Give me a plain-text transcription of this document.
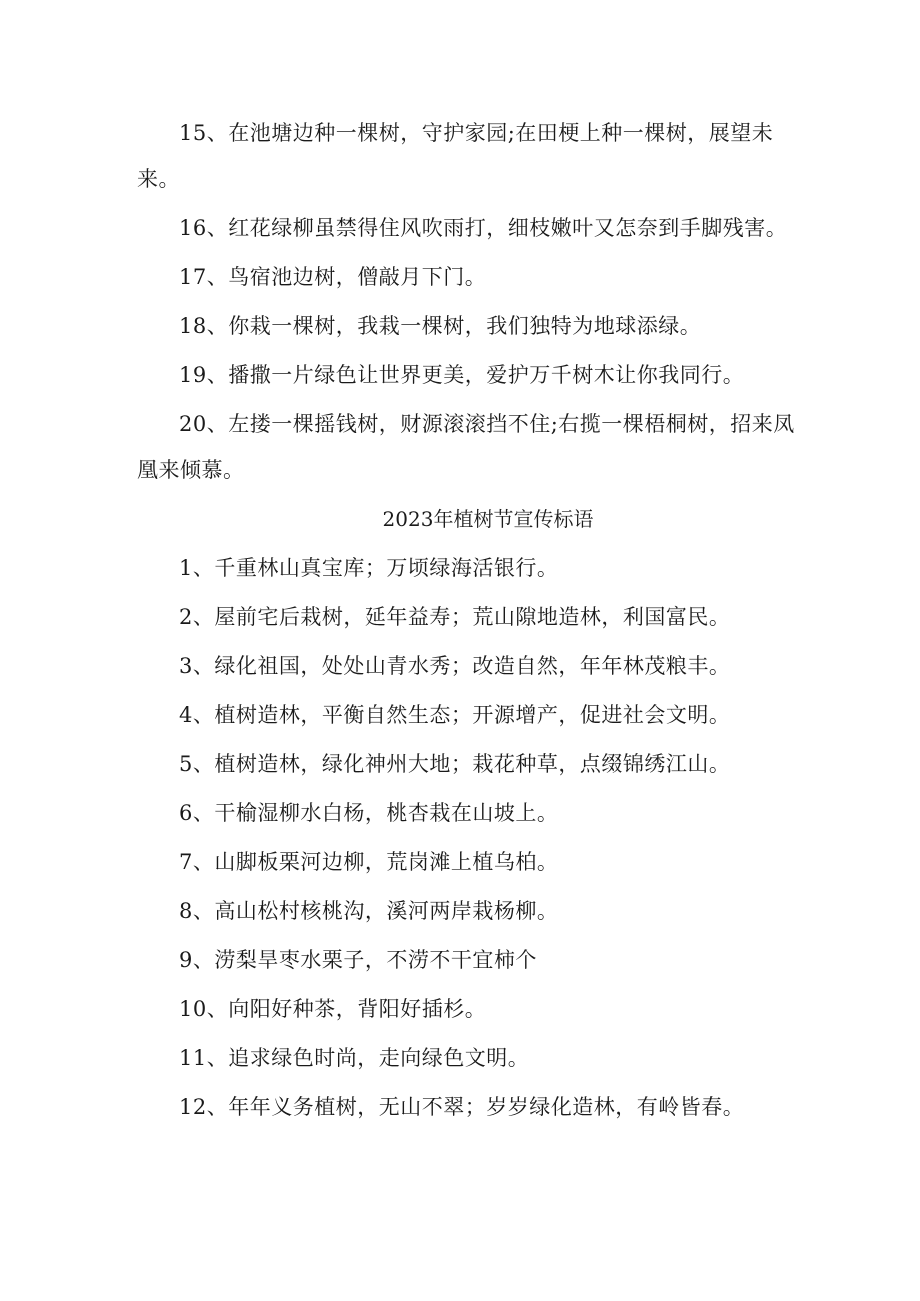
15、在池塘边种一棵树，守护家园;在田梗上种一棵树，展望未来。

16、红花绿柳虽禁得住风吹雨打，细枝嫩叶又怎奈到手脚残害。

17、鸟宿池边树，僧敲月下门。

18、你栽一棵树，我栽一棵树，我们独特为地球添绿。

19、播撒一片绿色让世界更美，爱护万千树木让你我同行。

20、左搂一棵摇钱树，财源滚滚挡不住;右揽一棵梧桐树，招来凤凰来倾慕。

2023年植树节宣传标语

1、千重林山真宝库；万顷绿海活银行。

2、屋前宅后栽树，延年益寿；荒山隙地造林，利国富民。

3、绿化祖国，处处山青水秀；改造自然，年年林茂粮丰。

4、植树造林，平衡自然生态；开源增产，促进社会文明。

5、植树造林，绿化神州大地；栽花种草，点缀锦绣江山。

6、干榆湿柳水白杨，桃杏栽在山坡上。

7、山脚板栗河边柳，荒岗滩上植乌柏。

8、高山松村核桃沟，溪河两岸栽杨柳。

9、涝梨旱枣水栗子，不涝不干宜柿个

10、向阳好种茶，背阳好插杉。

11、追求绿色时尚，走向绿色文明。

12、年年义务植树，无山不翠；岁岁绿化造林，有岭皆春。
